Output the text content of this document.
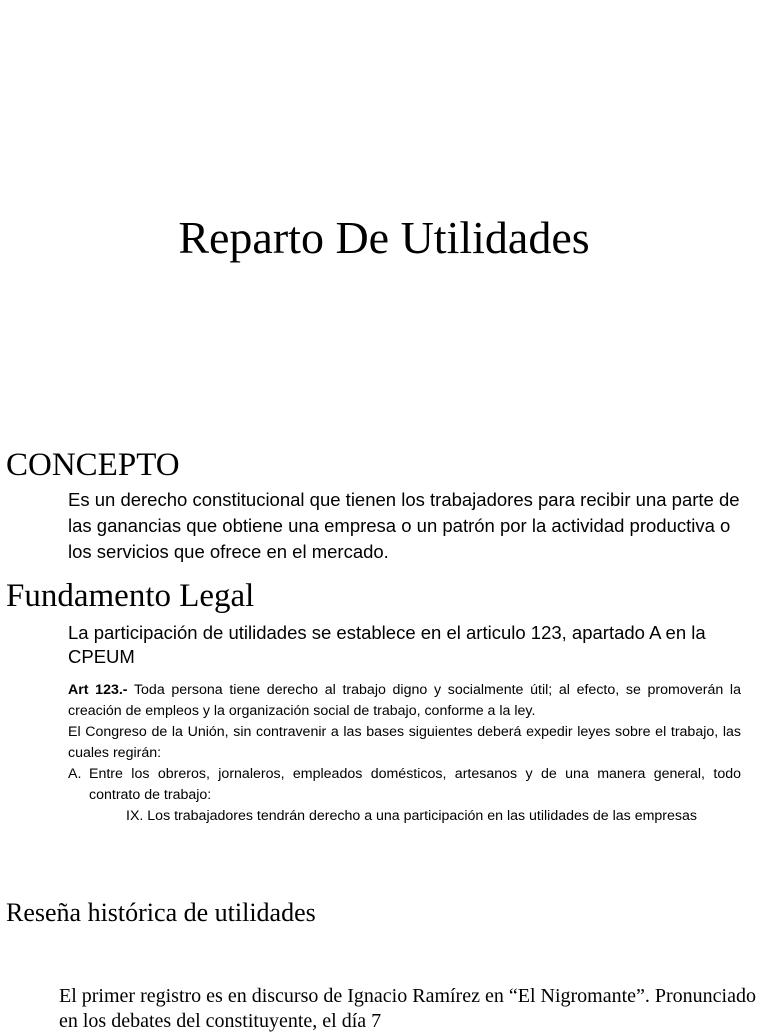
Reparto De Utilidades
CONCEPTO
Es un derecho constitucional que tienen los trabajadores para recibir una parte de las ganancias que obtiene una empresa o un patrón por la actividad productiva o los servicios que ofrece en el mercado.
Fundamento Legal
La participación de utilidades se establece en el articulo 123, apartado A en la CPEUM

Art 123.- Toda persona tiene derecho al trabajo digno y socialmente útil; al efecto, se promoverán la creación de empleos y la organización social de trabajo, conforme a la ley.

El Congreso de la Unión, sin contravenir a las bases siguientes deberá expedir leyes sobre el trabajo, las cuales regirán:

A. Entre los obreros, jornaleros, empleados domésticos, artesanos y de una manera general, todo contrato de trabajo:

IX. Los trabajadores tendrán derecho a una participación en las utilidades de las empresas

Reseña histórica de utilidades
El primer registro es en discurso de Ignacio Ramírez en “El Nigromante”. Pronunciado en los debates del constituyente, el día 7
